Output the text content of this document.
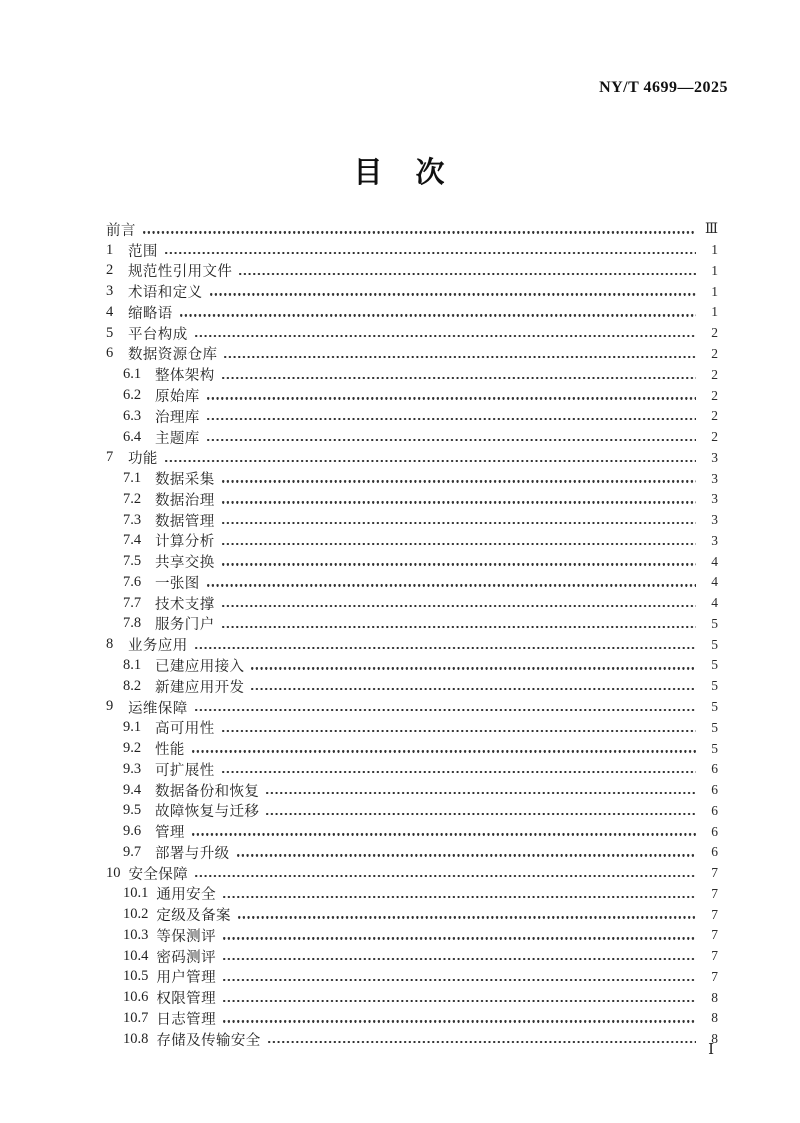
NY/T 4699—2025
目　次
前言	Ⅲ
1	范围	1
2	规范性引用文件	1
3	术语和定义	1
4	缩略语	1
5	平台构成	2
6	数据资源仓库	2
6.1 整体架构	2
6.2 原始库	2
6.3 治理库	2
6.4 主题库	2
7	功能	3
7.1 数据采集	3
7.2 数据治理	3
7.3 数据管理	3
7.4 计算分析	3
7.5 共享交换	4
7.6 一张图	4
7.7 技术支撑	4
7.8 服务门户	5
8	业务应用	5
8.1 已建应用接入	5
8.2 新建应用开发	5
9	运维保障	5
9.1 高可用性	5
9.2 性能	5
9.3 可扩展性	6
9.4 数据备份和恢复	6
9.5 故障恢复与迁移	6
9.6 管理	6
9.7 部署与升级	6
10 安全保障	7
10.1 通用安全	7
10.2 定级及备案	7
10.3 等保测评	7
10.4 密码测评	7
10.5 用户管理	7
10.6 权限管理	8
10.7 日志管理	8
10.8 存储及传输安全	8
Ⅰ
